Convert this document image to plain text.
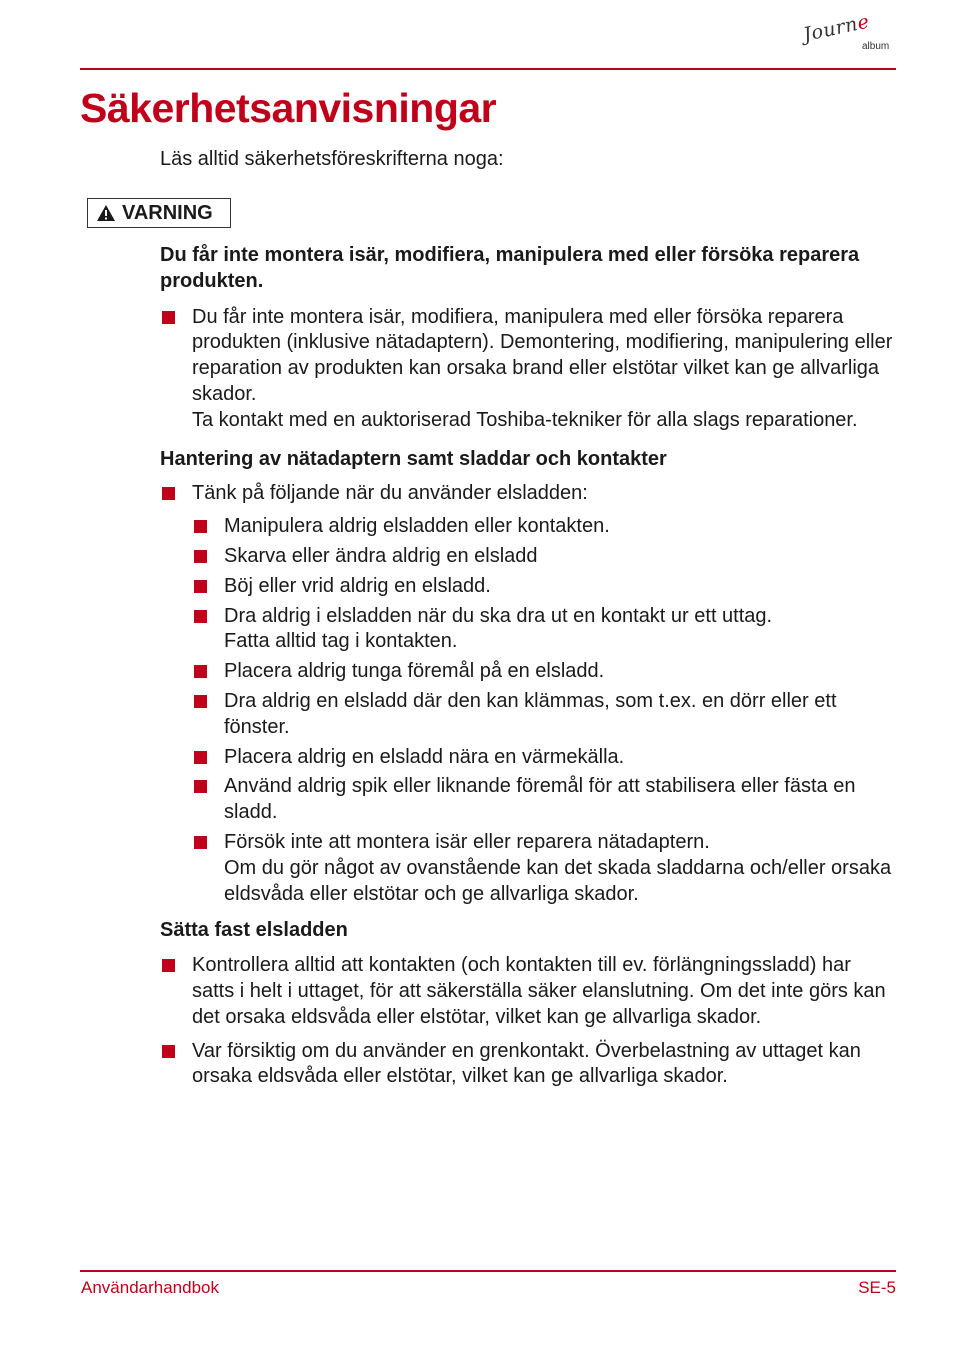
Journe
album
Säkerhetsanvisningar

Läs alltid säkerhetsföreskrifterna noga:

VARNING

Du får inte montera isär, modifiera, manipulera med eller försöka reparera produkten.

Du får inte montera isär, modifiera, manipulera med eller försöka reparera produkten (inklusive nätadaptern). Demontering, modifiering, manipulering eller reparation av produkten kan orsaka brand eller elstötar vilket kan ge allvarliga skador.
Ta kontakt med en auktoriserad Toshiba-tekniker för alla slags reparationer.

Hantering av nätadaptern samt sladdar och kontakter

Tänk på följande när du använder elsladden:
Manipulera aldrig elsladden eller kontakten.
Skarva eller ändra aldrig en elsladd
Böj eller vrid aldrig en elsladd.
Dra aldrig i elsladden när du ska dra ut en kontakt ur ett uttag.
Fatta alltid tag i kontakten.
Placera aldrig tunga föremål på en elsladd.
Dra aldrig en elsladd där den kan klämmas, som t.ex. en dörr eller ett fönster.
Placera aldrig en elsladd nära en värmekälla.
Använd aldrig spik eller liknande föremål för att stabilisera eller fästa en sladd.
Försök inte att montera isär eller reparera nätadaptern.
Om du gör något av ovanstående kan det skada sladdarna och/eller orsaka eldsvåda eller elstötar och ge allvarliga skador.

Sätta fast elsladden

Kontrollera alltid att kontakten (och kontakten till ev. förlängningssladd) har satts i helt i uttaget, för att säkerställa säker elanslutning. Om det inte görs kan det orsaka eldsvåda eller elstötar, vilket kan ge allvarliga skador.
Var försiktig om du använder en grenkontakt. Överbelastning av uttaget kan orsaka eldsvåda eller elstötar, vilket kan ge allvarliga skador.
Användarhandbok	SE-5
